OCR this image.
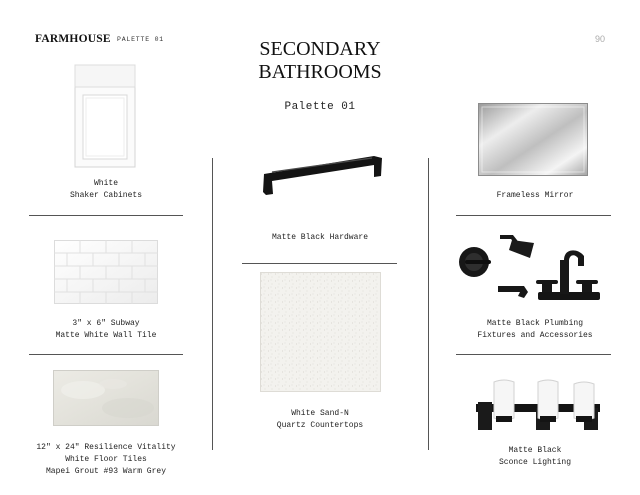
FARMHOUSE PALETTE 01	90
SECONDARY
BATHROOMS
Palette 01
White
Shaker Cabinets
3″ x 6″ Subway
Matte White Wall Tile
12″ x 24″ Resilience Vitality
White Floor Tiles
Mapei Grout #93 Warm Grey
Matte Black Hardware
White Sand-N
Quartz Countertops
Frameless Mirror
Matte Black Plumbing
Fixtures and Accessories
Matte Black
Sconce Lighting
